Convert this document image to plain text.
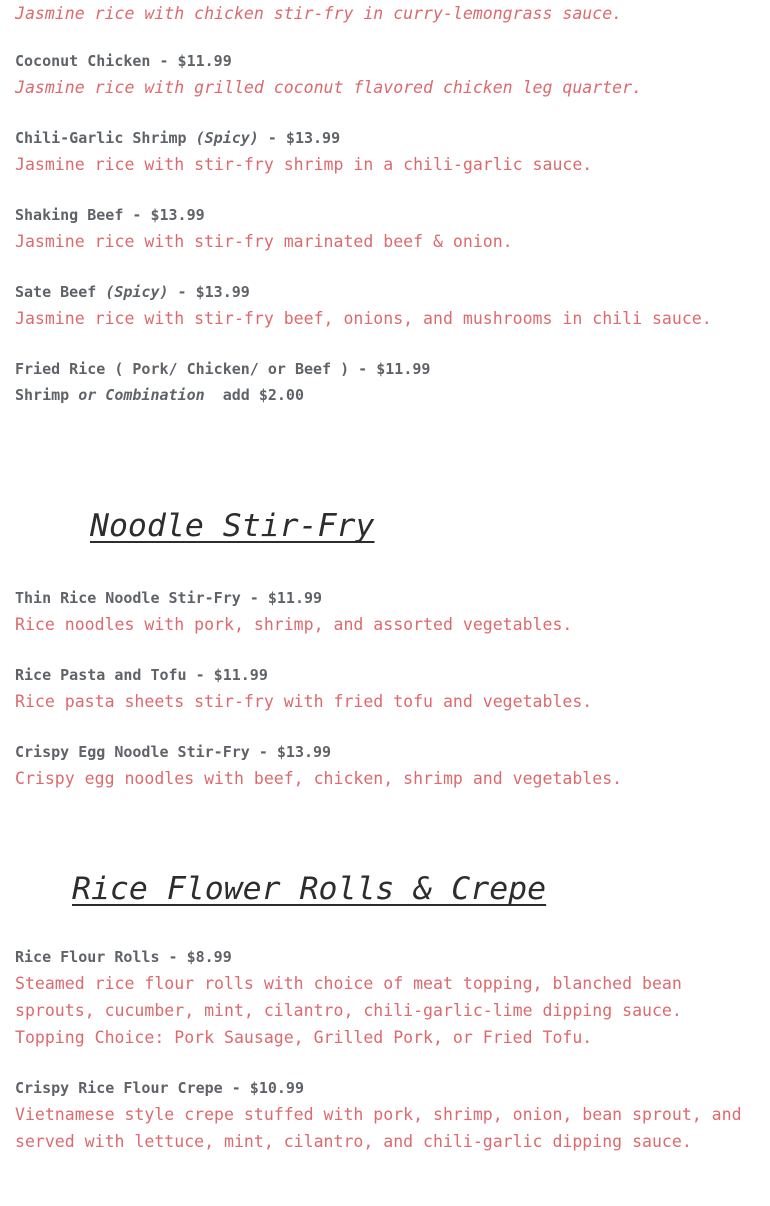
Jasmine rice with chicken stir-fry in curry-lemongrass sauce.

Coconut Chicken - $11.99

Jasmine rice with grilled coconut flavored chicken leg quarter.

Chili-Garlic Shrimp (Spicy) - $13.99

Jasmine rice with stir-fry shrimp in a chili-garlic sauce.

Shaking Beef - $13.99

Jasmine rice with stir-fry marinated beef & onion.

Sate Beef (Spicy) - $13.99

Jasmine rice with stir-fry beef, onions, and mushrooms in chili sauce.

Fried Rice ( Pork/ Chicken/ or Beef ) - $11.99

Shrimp or Combination  add $2.00

Noodle Stir-Fry

Thin Rice Noodle Stir-Fry - $11.99

Rice noodles with pork, shrimp, and assorted vegetables.

Rice Pasta and Tofu - $11.99

Rice pasta sheets stir-fry with fried tofu and vegetables.

Crispy Egg Noodle Stir-Fry - $13.99

Crispy egg noodles with beef, chicken, shrimp and vegetables.

Rice Flower Rolls & Crepe

Rice Flour Rolls - $8.99

Steamed rice flour rolls with choice of meat topping, blanched bean sprouts, cucumber, mint, cilantro, chili-garlic-lime dipping sauce. Topping Choice: Pork Sausage, Grilled Pork, or Fried Tofu.

Crispy Rice Flour Crepe - $10.99

Vietnamese style crepe stuffed with pork, shrimp, onion, bean sprout, and served with lettuce, mint, cilantro, and chili-garlic dipping sauce.
